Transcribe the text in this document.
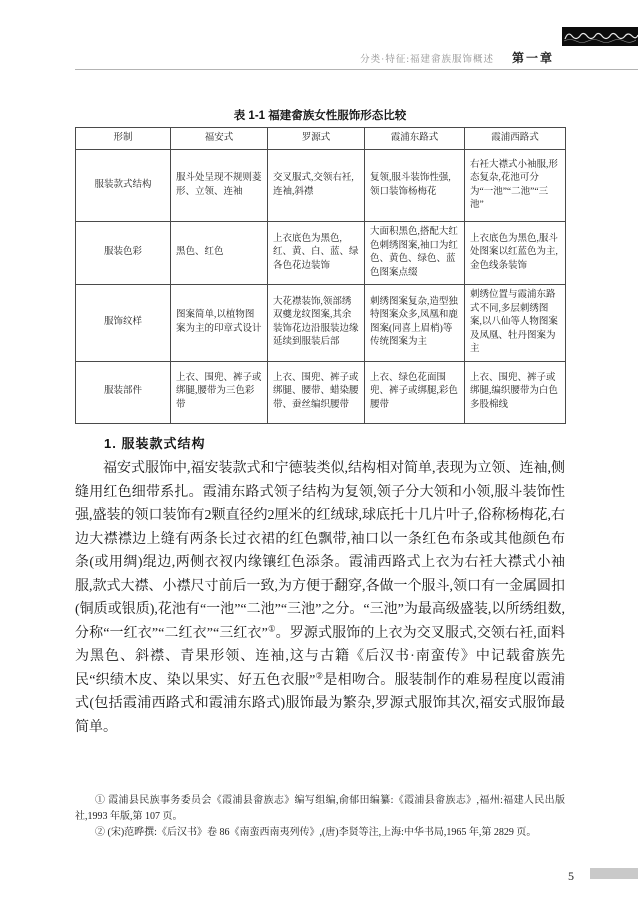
分类·特征:福建畲族服饰概述 第一章
表 1-1 福建畲族女性服饰形态比较
形制	福安式	罗源式	霞浦东路式	霞浦西路式
服装款式结构	服斗处呈现不规则菱形、立领、连袖	交叉服式,交领右衽,连袖,斜襟	复领,服斗装饰性强,领口装饰杨梅花	右衽大襟式小袖服,形态复杂,花池可分为“一池”“二池”“三池”
服装色彩	黑色、红色	上衣底色为黑色,红、黄、白、蓝、绿各色花边装饰	大面积黑色,搭配大红色刺绣图案,袖口为红色、黄色、绿色、蓝色图案点缀	上衣底色为黑色,服斗处图案以红蓝色为主,金色线条装饰
服饰纹样	图案简单,以植物图案为主的印章式设计	大花襟装饰,领部绣双夔龙纹图案,其余装饰花边沿服装边缘延续到服装后部	刺绣图案复杂,造型独特图案众多,凤凰和鹿图案(同喜上眉梢)等传统图案为主	刺绣位置与霞浦东路式不同,多层刺绣图案,以八仙等人物图案及凤凰、牡丹图案为主
服装部件	上衣、围兜、裤子或绑腿,腰带为三色彩带	上衣、围兜、裤子或绑腿、腰带、蜡染腰带、蚕丝编织腰带	上衣、绿色花面围兜、裤子或绑腿,彩色腰带	上衣、围兜、裤子或绑腿,编织腰带为白色多股棉线
1. 服装款式结构

福安式服饰中,福安装款式和宁德装类似,结构相对简单,表现为立领、连袖,侧缝用红色细带系扎。霞浦东路式领子结构为复领,领子分大领和小领,服斗装饰性强,盛装的领口装饰有2颗直径约2厘米的红绒球,球底托十几片叶子,俗称杨梅花,右边大襟襟边上缝有两条长过衣裙的红色飘带,袖口以一条红色布条或其他颜色布条(或用绸)绲边,两侧衣衩内缘镶红色添条。霞浦西路式上衣为右衽大襟式小袖服,款式大襟、小襟尺寸前后一致,为方便于翻穿,各做一个服斗,领口有一金属圆扣(铜质或银质),花池有“一池”“二池”“三池”之分。“三池”为最高级盛装,以所绣组数,分称“一红衣”“二红衣”“三红衣”①。罗源式服饰的上衣为交叉服式,交领右衽,面料为黑色、斜襟、青果形领、连袖,这与古籍《后汉书·南蛮传》中记载畲族先民“织绩木皮、染以果实、好五色衣服”②是相吻合。服装制作的难易程度以霞浦式(包括霞浦西路式和霞浦东路式)服饰最为繁杂,罗源式服饰其次,福安式服饰最简单。

① 霞浦县民族事务委员会《霞浦县畲族志》编写组编,俞郁田编纂:《霞浦县畲族志》,福州:福建人民出版社,1993 年版,第 107 页。

② (宋)范晔撰:《后汉书》卷 86《南蛮西南夷列传》,(唐)李贤等注,上海:中华书局,1965 年,第 2829 页。

5
